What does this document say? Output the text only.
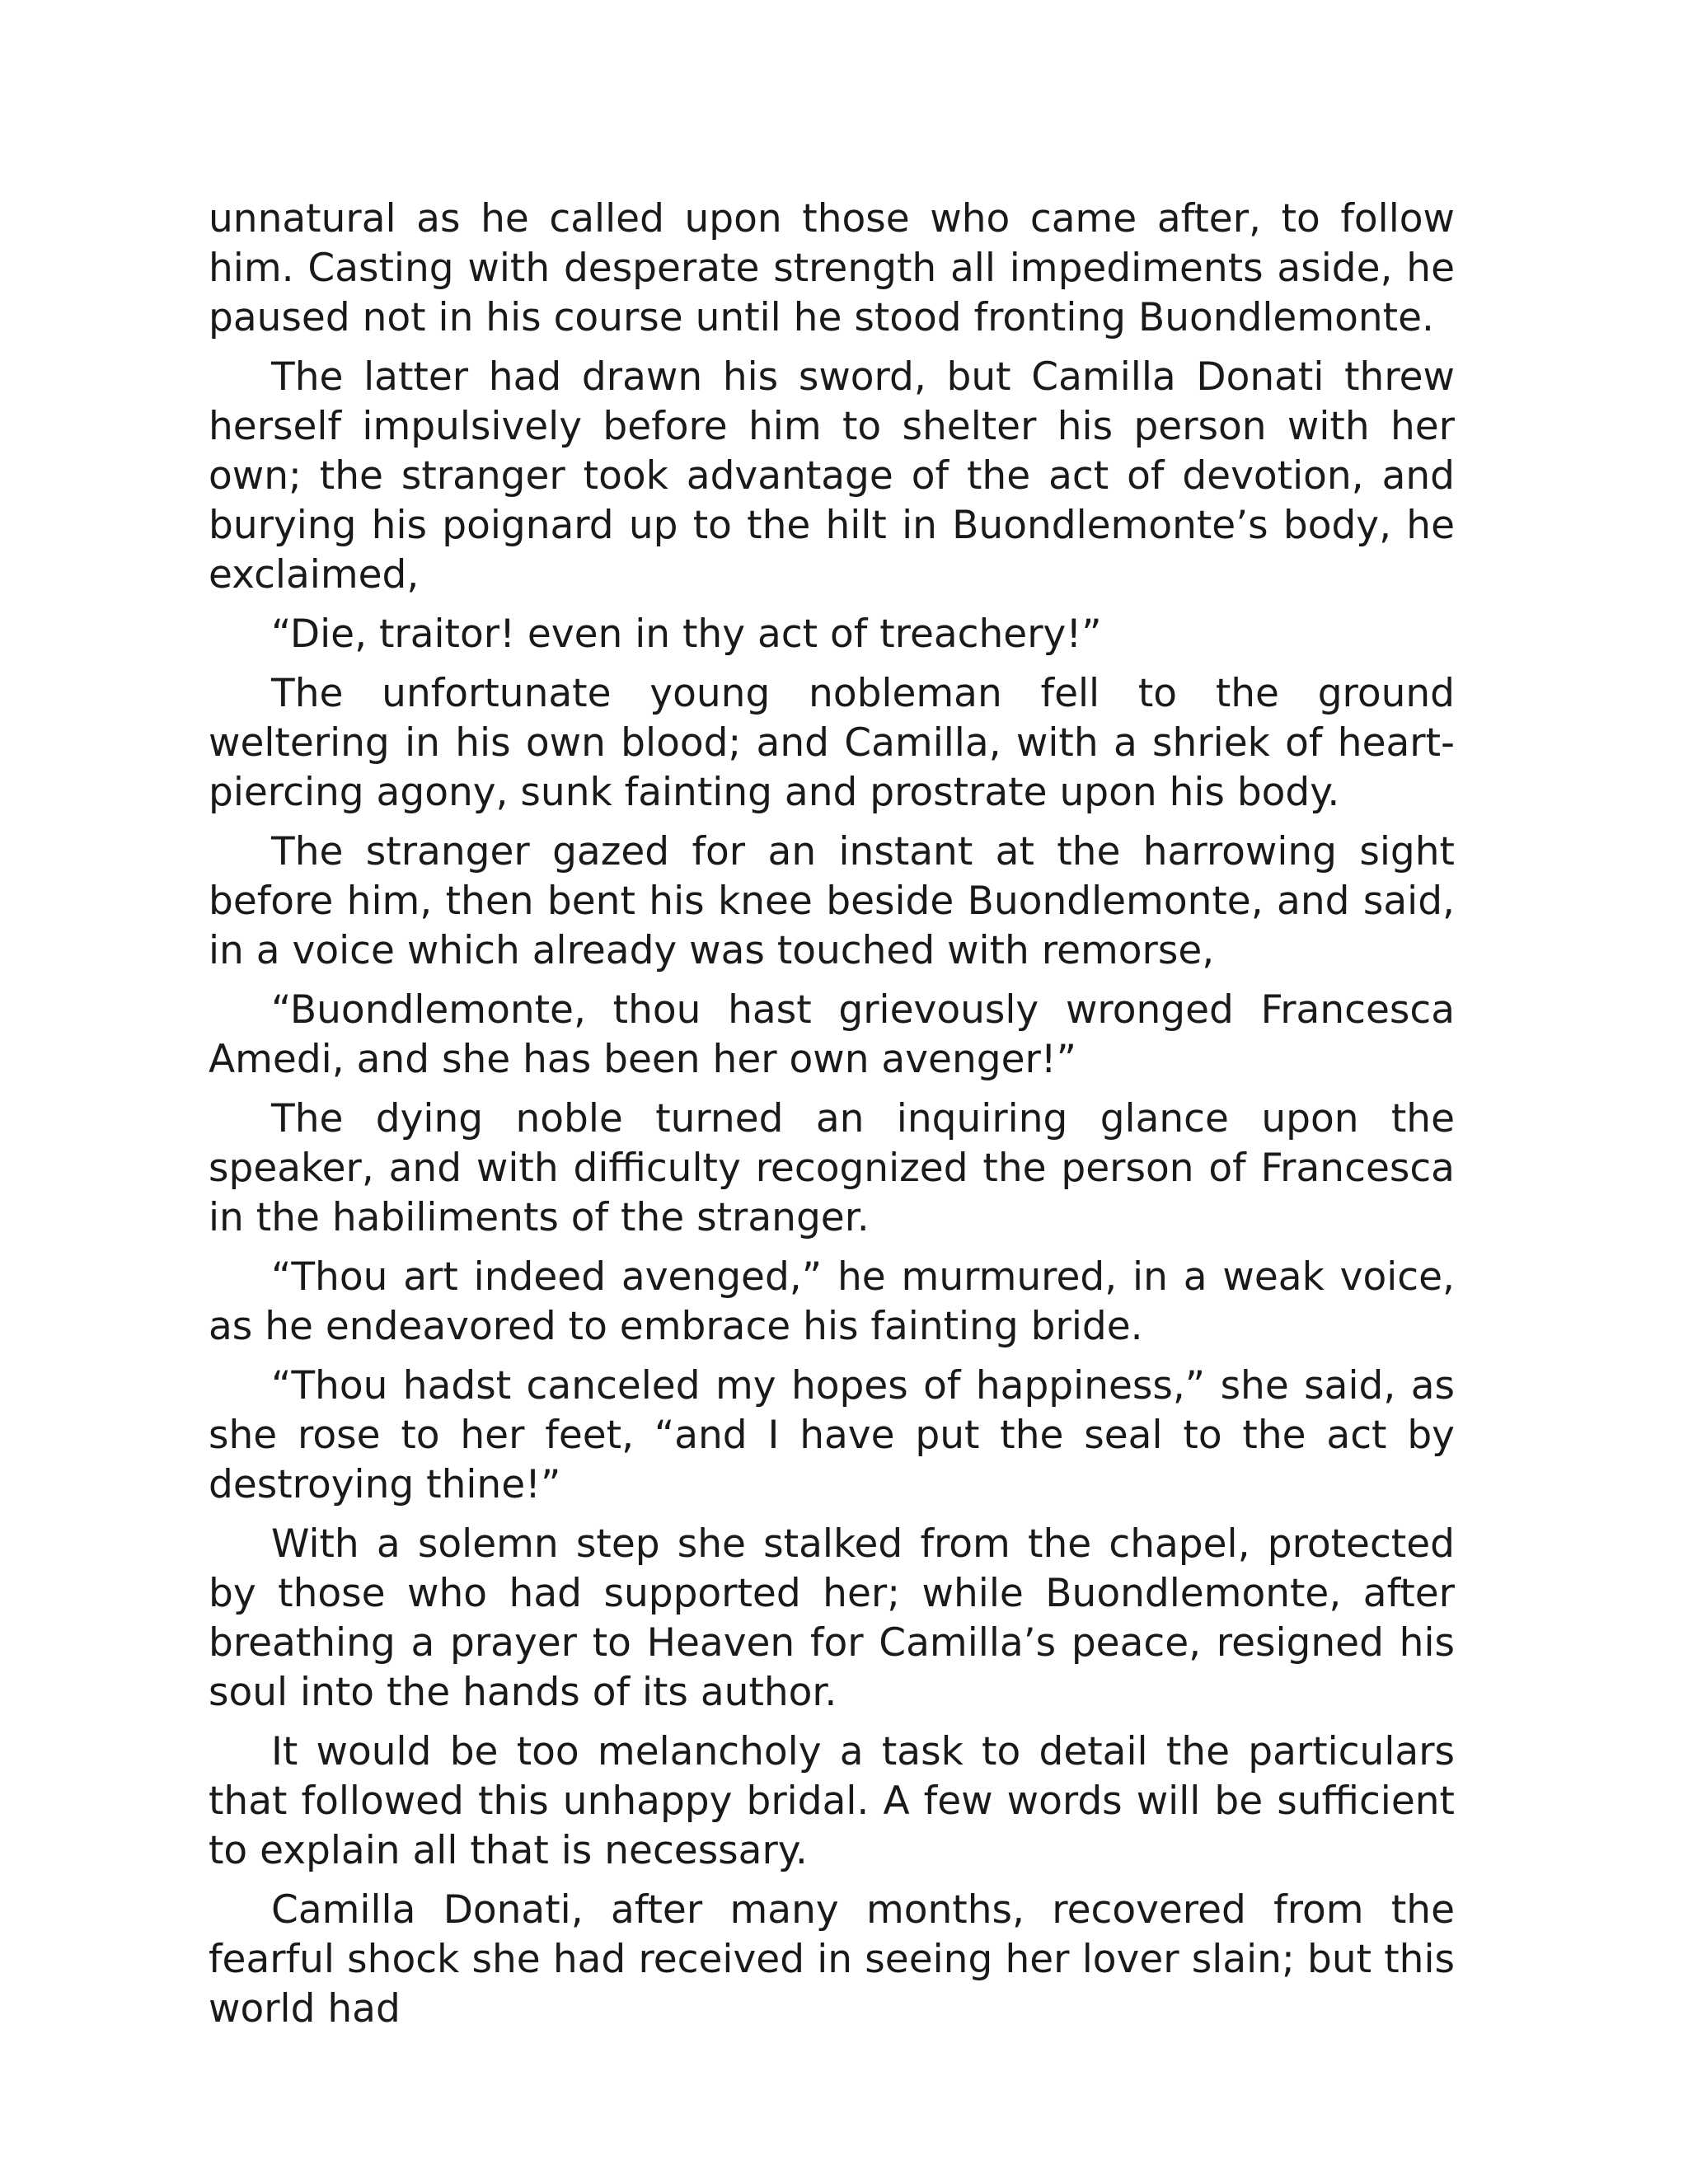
unnatural as he called upon those who came after, to follow him. Casting with desperate strength all impediments aside, he paused not in his course until he stood fronting Buondlemonte.

The latter had drawn his sword, but Camilla Donati threw herself impulsively before him to shelter his person with her own; the stranger took advantage of the act of devotion, and burying his poignard up to the hilt in Buondlemonte’s body, he exclaimed,

“Die, traitor! even in thy act of treachery!”

The unfortunate young nobleman fell to the ground weltering in his own blood; and Camilla, with a shriek of heart-piercing agony, sunk fainting and prostrate upon his body.

The stranger gazed for an instant at the harrowing sight before him, then bent his knee beside Buondlemonte, and said, in a voice which already was touched with remorse,

“Buondlemonte, thou hast grievously wronged Francesca Amedi, and she has been her own avenger!”

The dying noble turned an inquiring glance upon the speaker, and with difficulty recognized the person of Francesca in the habiliments of the stranger.

“Thou art indeed avenged,” he murmured, in a weak voice, as he endeavored to embrace his fainting bride.

“Thou hadst canceled my hopes of happiness,” she said, as she rose to her feet, “and I have put the seal to the act by destroying thine!”

With a solemn step she stalked from the chapel, protected by those who had supported her; while Buondlemonte, after breathing a prayer to Heaven for Camilla’s peace, resigned his soul into the hands of its author.

It would be too melancholy a task to detail the particulars that followed this unhappy bridal. A few words will be sufficient to explain all that is necessary.

Camilla Donati, after many months, recovered from the fearful shock she had received in seeing her lover slain; but this world had
